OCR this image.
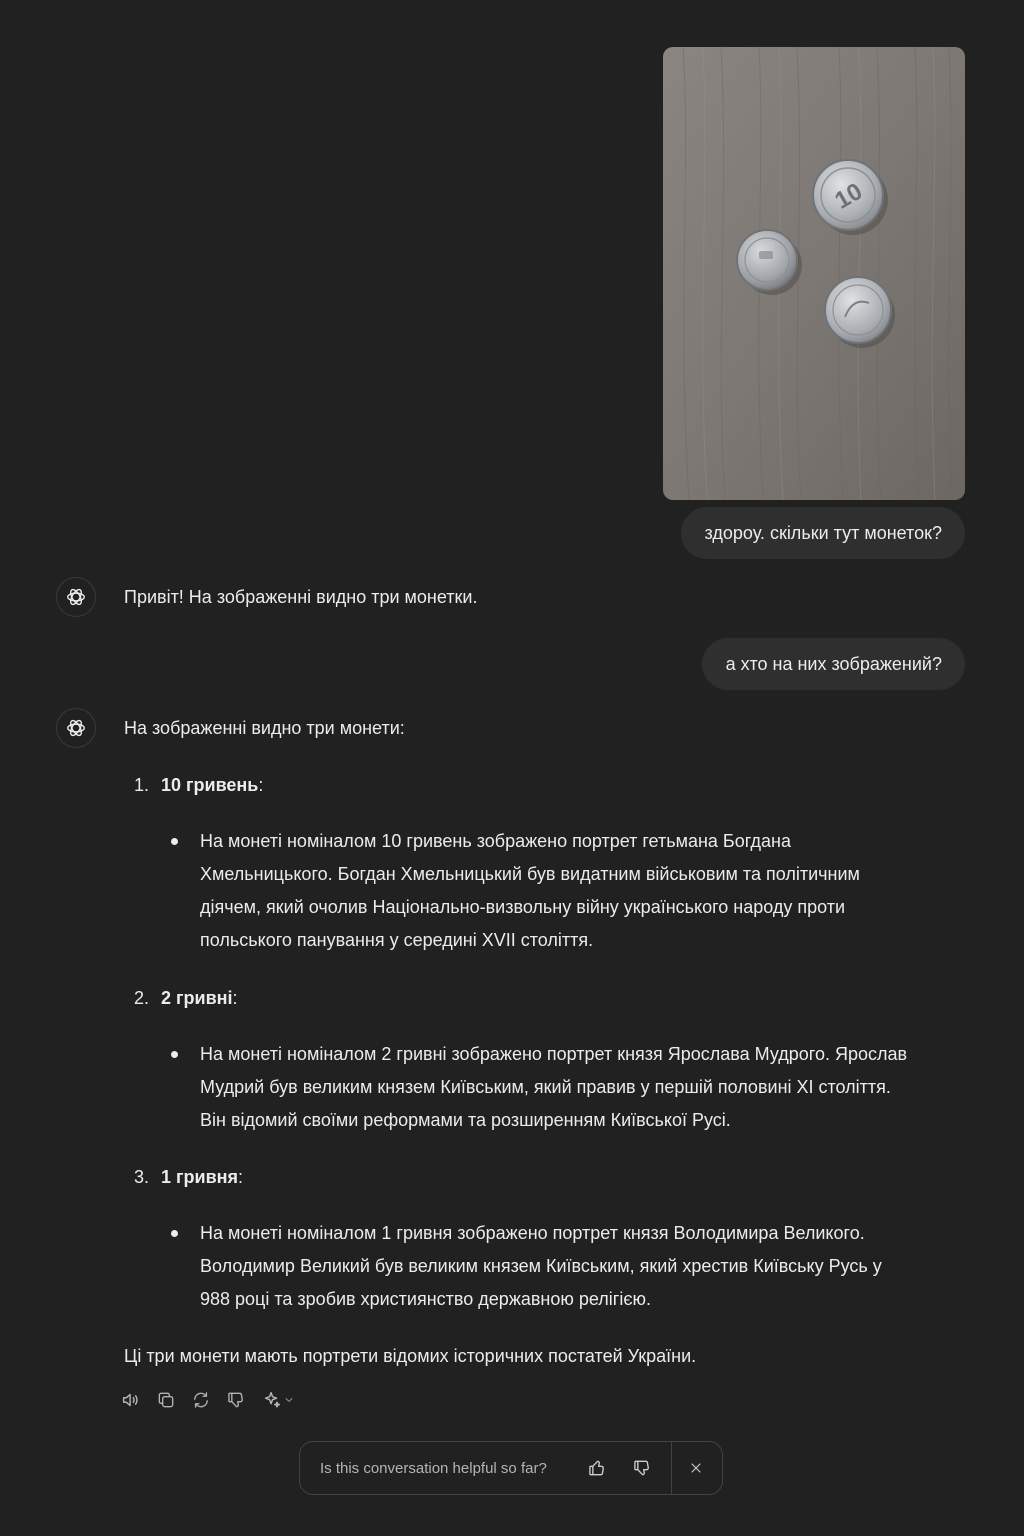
10
здороу. скільки тут монеток?
Привіт! На зображенні видно три монетки.
а хто на них зображений?
На зображенні видно три монети:
1. 10 гривень:
На монеті номіналом 10 гривень зображено портрет гетьмана Богдана
Хмельницького. Богдан Хмельницький був видатним військовим та політичним
діячем, який очолив Національно-визвольну війну українського народу проти
польського панування у середині XVII століття.
2. 2 гривні:
На монеті номіналом 2 гривні зображено портрет князя Ярослава Мудрого. Ярослав
Мудрий був великим князем Київським, який правив у першій половині XI століття.
Він відомий своїми реформами та розширенням Київської Русі.
3. 1 гривня:
На монеті номіналом 1 гривня зображено портрет князя Володимира Великого.
Володимир Великий був великим князем Київським, який хрестив Київську Русь у
988 році та зробив християнство державною релігією.
Ці три монети мають портрети відомих історичних постатей України.
Is this conversation helpful so far?
